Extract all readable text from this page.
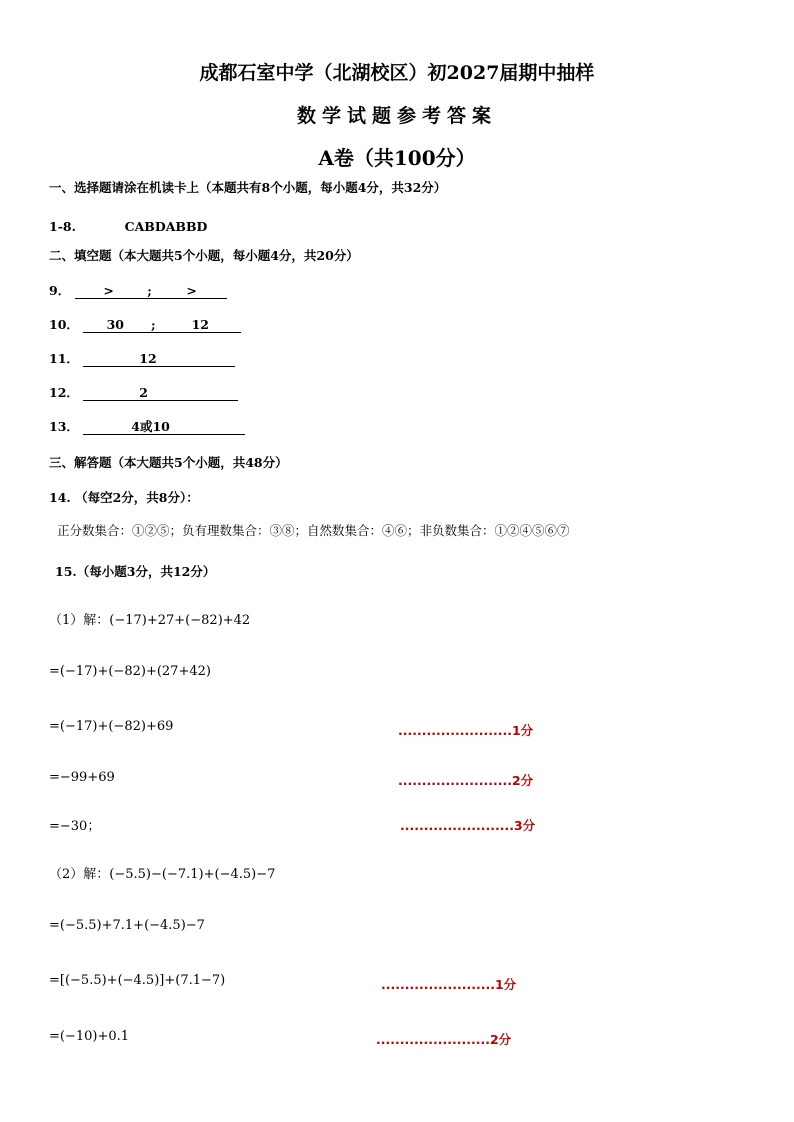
成都石室中学（北湖校区）初2027届期中抽样
数学试题参考答案
A卷（共100分）
一、选择题请涂在机读卡上（本题共有8个小题，每小题4分，共32分）
1-8.	CABDABBD
二、填空题（本大题共5个小题，每小题4分，共20分）
9．	>	;	>
10． 30 ;	12
11．	12
12．	2
13．	4或10
三、解答题（本大题共5个小题，共48分）
14. （每空2分，共8分）：
正分数集合：①②⑤；负有理数集合：③⑧；自然数集合：④⑥；非负数集合：①②④⑤⑥⑦
15.（每小题3分，共12分）
（1）解：(−17)+27+(−82)+42
=(−17)+(−82)+(27+42)
=(−17)+(−82)+69	........................1分
=−99+69	........................2分
=−30；	........................3分
（2）解：(−5.5)−(−7.1)+(−4.5)−7
=(−5.5)+7.1+(−4.5)−7
=[(−5.5)+(−4.5)]+(7.1−7)	........................1分
=(−10)+0.1	........................2分
